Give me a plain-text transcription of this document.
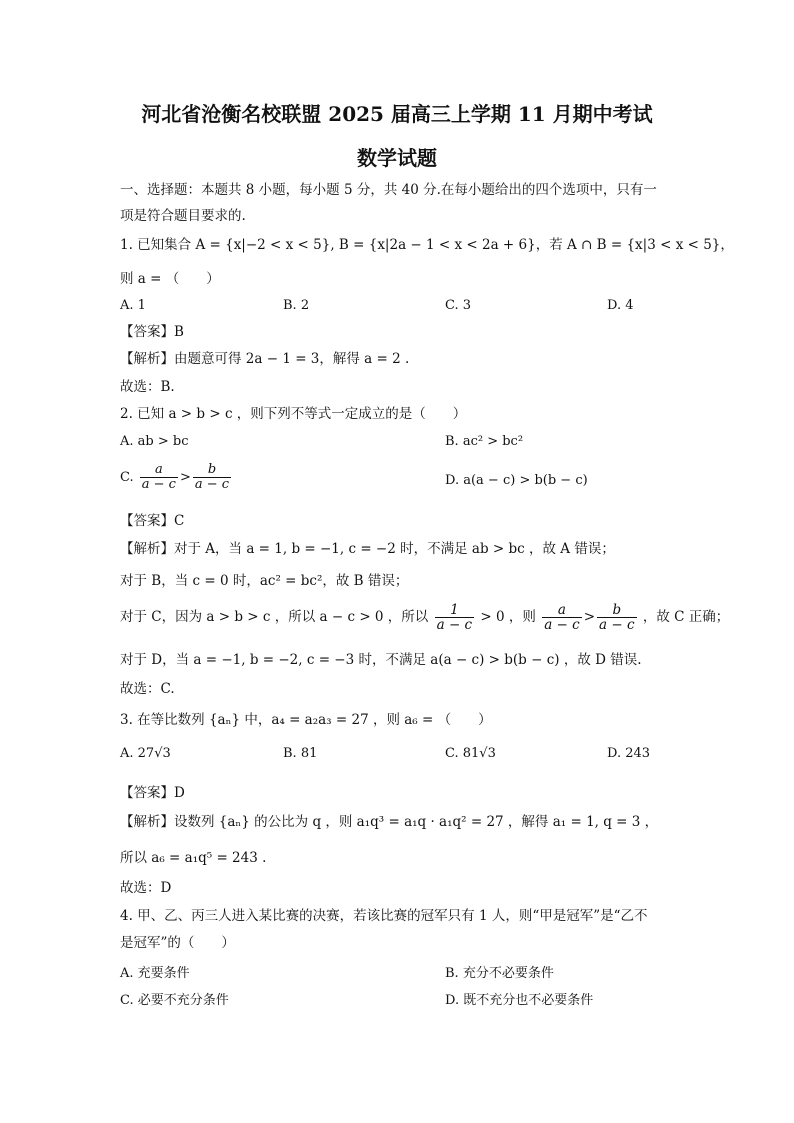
河北省沧衡名校联盟 2025 届高三上学期 11 月期中考试
数学试题
一、选择题：本题共 8 小题，每小题 5 分，共 40 分.在每小题给出的四个选项中，只有一
项是符合题目要求的.
1. 已知集合 A = {x|−2 < x < 5}, B = {x|2a − 1 < x < 2a + 6}，若 A ∩ B = {x|3 < x < 5}，
则 a = （　　）
A. 1	B. 2	C. 3	D. 4
【答案】B
【解析】由题意可得 2a − 1 = 3，解得 a = 2 .
故选：B.
2. 已知 a > b > c ，则下列不等式一定成立的是（　　）
A. ab > bc	B. ac² > bc²
C. $\frac{a}{a - c} > \frac{b}{a - c}$	D. a(a − c) > b(b − c)
【答案】C
【解析】对于 A，当 a = 1, b = −1, c = −2 时，不满足 ab > bc ，故 A 错误；
对于 B，当 c = 0 时，ac² = bc²，故 B 错误；
对于 C，因为 a > b > c ，所以 a − c > 0 ，所以 $\frac{1}{a - c} > 0$ ，则 $\frac{a}{a - c} > \frac{b}{a - c}$ ，故 C 正确；
对于 D，当 a = −1, b = −2, c = −3 时，不满足 a(a − c) > b(b − c) ，故 D 错误.
故选：C.
3. 在等比数列 {aₙ} 中，a₄ = a₂a₃ = 27 ，则 a₆ = （　　）
A. 27√3	B. 81	C. 81√3	D. 243
【答案】D
【解析】设数列 {aₙ} 的公比为 q ，则 a₁q³ = a₁q · a₁q² = 27 ，解得 a₁ = 1, q = 3 ，
所以 a₆ = a₁q⁵ = 243 .
故选：D
4. 甲、乙、丙三人进入某比赛的决赛，若该比赛的冠军只有 1 人，则“甲是冠军”是“乙不
是冠军”的（　　）
A. 充要条件	B. 充分不必要条件
C. 必要不充分条件	D. 既不充分也不必要条件
